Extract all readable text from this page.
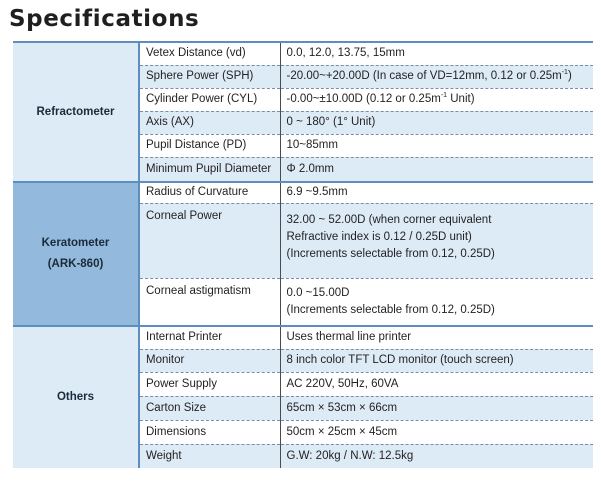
Specifications
Refractometer	Vetex Distance (vd)	0.0, 12.0, 13.75, 15mm
	Sphere Power (SPH)	-20.00~+20.00D (In case of VD=12mm, 0.12 or $0.25m^{-1}$)
	Cylinder Power (CYL)	-0.00~±10.00D (0.12 or $0.25m^{-1}$ Unit)
	Axis (AX)	0 ~ 180° (1° Unit)
	Pupil Distance (PD)	10~85mm
	Minimum Pupil Diameter	Φ 2.0mm

Keratometer
(ARK-860)	Radius of Curvature	6.9 ~9.5mm
	Corneal Power	32.00 ~ 52.00D (when corner equivalent
Refractive index is 0.12 / 0.25D unit)
(Increments selectable from 0.12, 0.25D)

	Corneal astigmatism	0.0 ~15.00D
(Increments selectable from 0.12, 0.25D)

Others	Internat Printer	Uses thermal line printer
	Monitor	8 inch color TFT LCD monitor (touch screen)
	Power Supply	AC 220V, 50Hz, 60VA
	Carton Size	65cm × 53cm × 66cm
	Dimensions	50cm × 25cm × 45cm
	Weight	G.W: 20kg / N.W: 12.5kg
